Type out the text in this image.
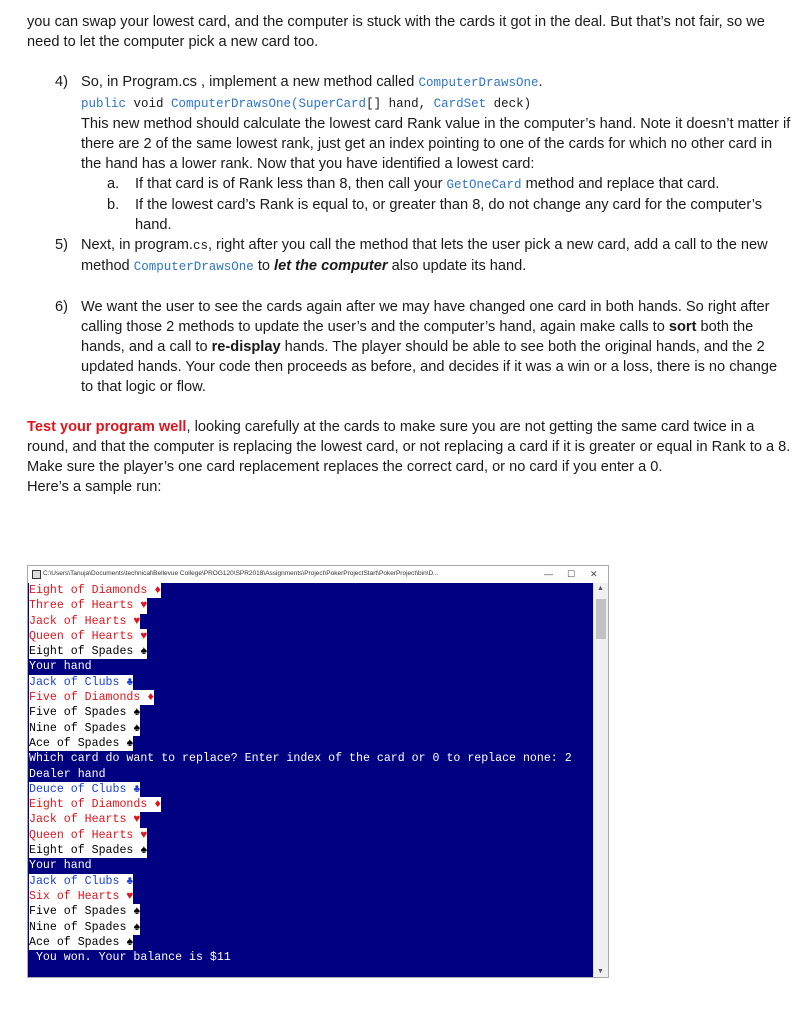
you can swap your lowest card, and the computer is stuck with the cards it got in the deal. But that’s not fair, so we need to let the computer pick a new card too.

4) So, in Program.cs , implement a new method called ComputerDrawsOne.
public void ComputerDrawsOne(SuperCard[] hand, CardSet deck)
This new method should calculate the lowest card Rank value in the computer’s hand. Note it doesn’t matter if there are 2 of the same lowest rank, just get an index pointing to one of the cards for which no other card in the hand has a lower rank. Now that you have identified a lowest card:
a. If that card is of Rank less than 8, then call your GetOneCard method and replace that card.
b. If the lowest card’s Rank is equal to, or greater than 8, do not change any card for the computer’s hand.
5) Next, in program.cs, right after you call the method that lets the user pick a new card, add a call to the new method ComputerDrawsOne to let the computer also update its hand.
6) We want the user to see the cards again after we may have changed one card in both hands. So right after calling those 2 methods to update the user’s and the computer’s hand, again make calls to sort both the hands, and a call to re-display hands. The player should be able to see both the original hands, and the 2 updated hands. Your code then proceeds as before, and decides if it was a win or a loss, there is no change to that logic or flow.

Test your program well, looking carefully at the cards to make sure you are not getting the same card twice in a round, and that the computer is replacing the lowest card, or not replacing a card if it is greater or equal in Rank to a 8. Make sure the player’s one card replacement replaces the correct card, or no card if you enter a 0.

Here’s a sample run:

C:\Users\Tanuja\Documents\technical\Bellevue College\PROG120\SPR2018\Assignments\Project\PokerProjectStart\PokerProject\bin\D...	— ☐ ✕
Eight of Diamonds ♦
Three of Hearts ♥
Jack of Hearts ♥
Queen of Hearts ♥
Eight of Spades ♠
Your hand
Jack of Clubs ♣
Five of Diamonds ♦
Five of Spades ♠
Nine of Spades ♠
Ace of Spades ♠
Which card do want to replace? Enter index of the card or 0 to replace none: 2
Dealer hand
Deuce of Clubs ♣
Eight of Diamonds ♦
Jack of Hearts ♥
Queen of Hearts ♥
Eight of Spades ♠
Your hand
Jack of Clubs ♣
Six of Hearts ♥
Five of Spades ♠
Nine of Spades ♠
Ace of Spades ♠
You won. Your balance is $11
▲
▼
